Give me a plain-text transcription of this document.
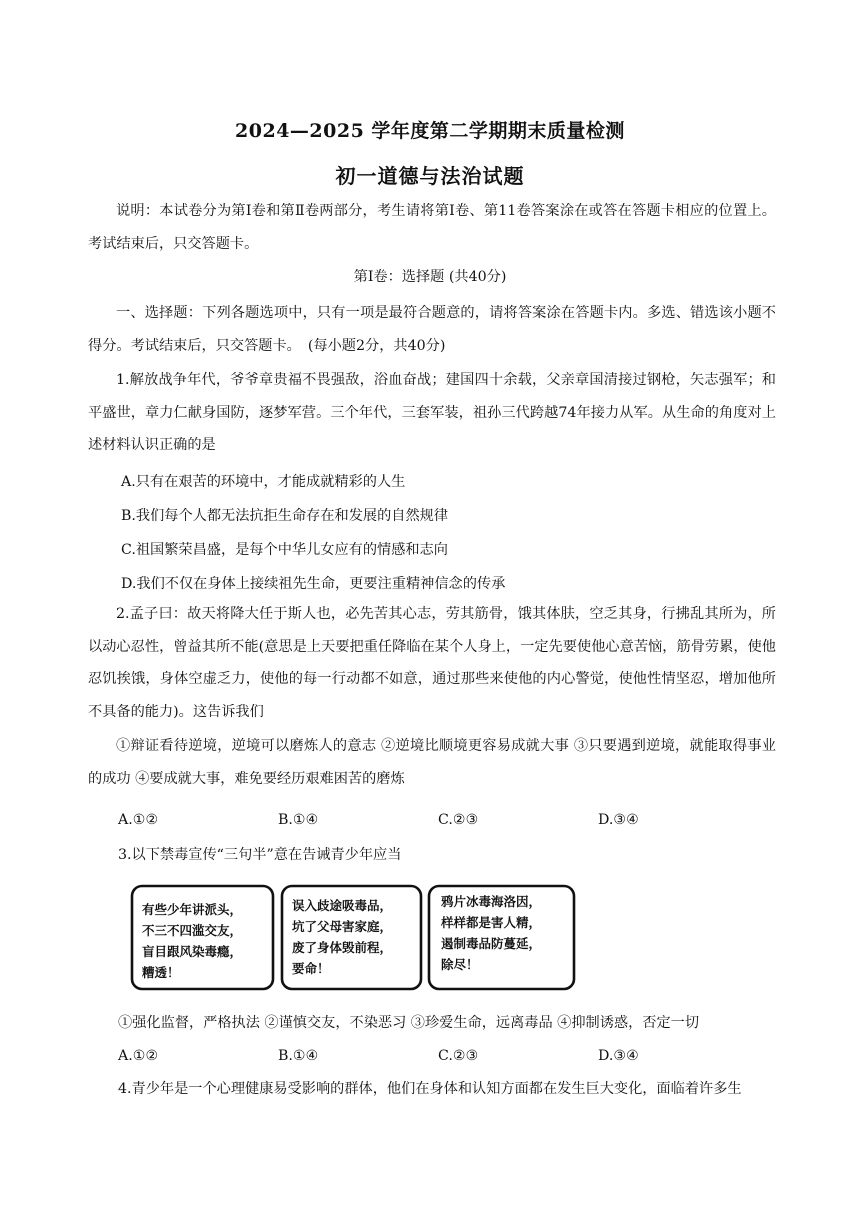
2024—2025 学年度第二学期期末质量检测
初一道德与法治试题

说明：本试卷分为第Ⅰ卷和第Ⅱ卷两部分，考生请将第Ⅰ卷、第11卷答案涂在或答在答题卡相应的位置上。考试结束后，只交答题卡。

第Ⅰ卷：选择题 (共40分)

一、选择题：下列各题选项中，只有一项是最符合题意的，请将答案涂在答题卡内。多选、错选该小题不得分。考试结束后，只交答题卡。　(每小题2分，共40分)

1.解放战争年代，爷爷章贵福不畏强敌，浴血奋战；建国四十余载，父亲章国清接过钢枪，矢志强军；和平盛世，章力仁献身国防，逐梦军营。三个年代，三套军装，祖孙三代跨越74年接力从军。从生命的角度对上述材料认识正确的是

A.只有在艰苦的环境中，才能成就精彩的人生
B.我们每个人都无法抗拒生命存在和发展的自然规律
C.祖国繁荣昌盛，是每个中华儿女应有的情感和志向
D.我们不仅在身体上接续祖先生命，更要注重精神信念的传承

2.孟子曰：故天将降大任于斯人也，必先苦其心志，劳其筋骨，饿其体肤，空乏其身，行拂乱其所为，所以动心忍性，曾益其所不能(意思是上天要把重任降临在某个人身上，一定先要使他心意苦恼，筋骨劳累，使他忍饥挨饿，身体空虚乏力，使他的每一行动都不如意，通过那些来使他的内心警觉，使他性情坚忍，增加他所不具备的能力)。这告诉我们

①辩证看待逆境，逆境可以磨炼人的意志 ②逆境比顺境更容易成就大事 ③只要遇到逆境，就能取得事业的成功 ④要成就大事，难免要经历艰难困苦的磨炼

A.①②	B.①④	C.②③	D.③④
3.以下禁毒宣传“三句半”意在告诫青少年应当
有些少年讲派头，
不三不四滥交友，
盲目跟风染毒瘾，
糟透！
误入歧途吸毒品，
坑了父母害家庭，
废了身体毁前程，
要命！
鸦片冰毒海洛因，
样样都是害人精，
遏制毒品防蔓延，
除尽！
①强化监督，严格执法 ②谨慎交友，不染恶习 ③珍爱生命，远离毒品 ④抑制诱惑，否定一切
A.①②	B.①④	C.②③	D.③④
4.青少年是一个心理健康易受影响的群体，他们在身体和认知方面都在发生巨大变化，面临着许多生
